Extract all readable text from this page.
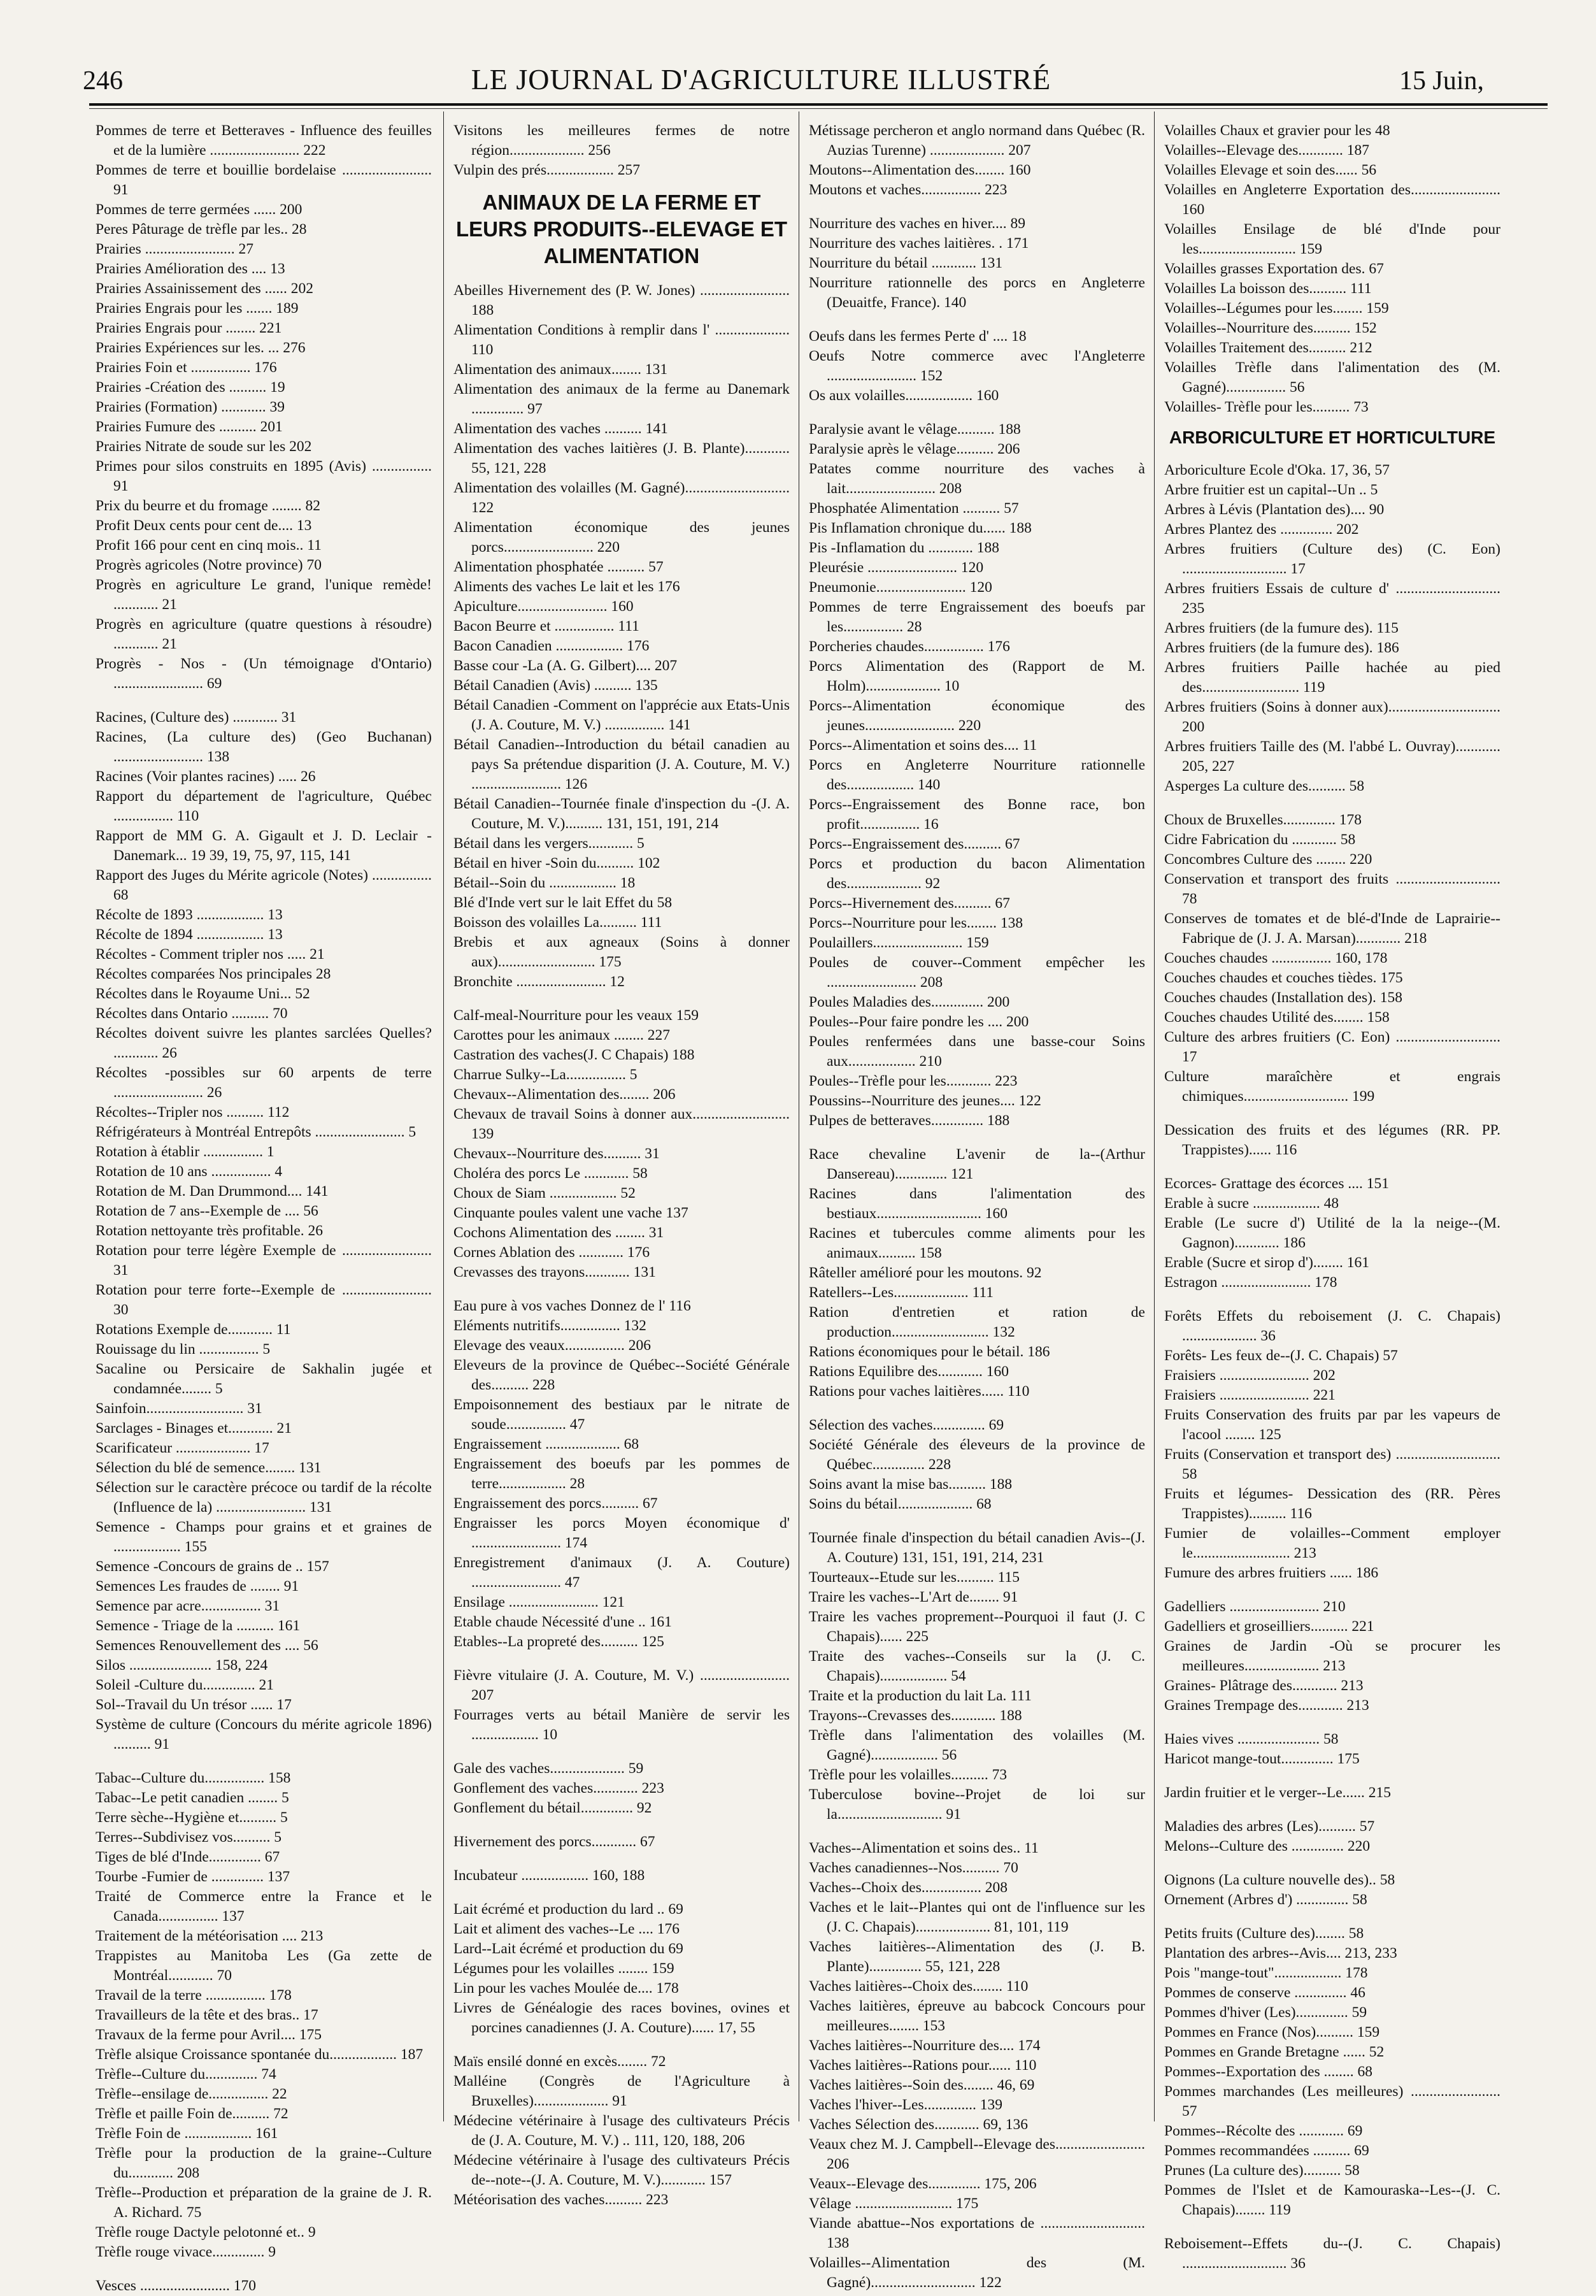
246	LE JOURNAL D'AGRICULTURE ILLUSTRÉ	15 Juin,
Pommes de terre et Betteraves - Influence des feuilles et de la lumière ........................ 222
Pommes de terre et bouillie bordelaise ........................ 91
Pommes de terre germées ...... 200
Peres Pâturage de trèfle par les.. 28
Prairies ........................ 27
Prairies Amélioration des .... 13
Prairies Assainissement des ...... 202
Prairies Engrais pour les ....... 189
Prairies Engrais pour ........ 221
Prairies Expériences sur les. ... 276
Prairies Foin et ................ 176
Prairies -Création des .......... 19
Prairies (Formation) ............ 39
Prairies Fumure des .......... 201
Prairies Nitrate de soude sur les 202
Primes pour silos construits en 1895 (Avis) ................ 91
Prix du beurre et du fromage ........ 82
Profit Deux cents pour cent de.... 13
Profit 166 pour cent en cinq mois.. 11
Progrès agricoles (Notre province) 70
Progrès en agriculture Le grand, l'unique remède! ............ 21
Progrès en agriculture (quatre questions à résoudre) ............ 21
Progrès - Nos - (Un témoignage d'Ontario) ........................ 69
Racines, (Culture des) ............ 31
Racines, (La culture des) (Geo Buchanan) ........................ 138
Racines (Voir plantes racines) ..... 26
Rapport du département de l'agriculture, Québec ................ 110
Rapport de MM G. A. Gigault et J. D. Leclair - Danemark... 19 39, 19, 75, 97, 115, 141
Rapport des Juges du Mérite agricole (Notes) ................ 68
Récolte de 1893 .................. 13
Récolte de 1894 .................. 13
Récoltes - Comment tripler nos ..... 21
Récoltes comparées Nos principales 28
Récoltes dans le Royaume Uni... 52
Récoltes dans Ontario .......... 70
Récoltes doivent suivre les plantes sarclées Quelles? ............ 26
Récoltes -possibles sur 60 arpents de terre ........................ 26
Récoltes--Tripler nos .......... 112
Réfrigérateurs à Montréal Entrepôts ........................ 5
Rotation à établir ................ 1
Rotation de 10 ans ................ 4
Rotation de M. Dan Drummond.... 141
Rotation de 7 ans--Exemple de .... 56
Rotation nettoyante très profitable. 26
Rotation pour terre légère Exemple de ........................ 31
Rotation pour terre forte--Exemple de ........................ 30
Rotations Exemple de............ 11
Rouissage du lin ................ 5
Sacaline ou Persicaire de Sakhalin jugée et condamnée........ 5
Sainfoin.......................... 31
Sarclages - Binages et............ 21
Scarificateur .................... 17
Sélection du blé de semence........ 131
Sélection sur le caractère précoce ou tardif de la récolte (Influence de la) ........................ 131
Semence - Champs pour grains et et graines de .................. 155
Semence -Concours de grains de .. 157
Semences Les fraudes de ........ 91
Semence par acre................ 31
Semence - Triage de la .......... 161
Semences Renouvellement des .... 56
Silos ...................... 158, 224
Soleil -Culture du.............. 21
Sol--Travail du Un trésor ...... 17
Système de culture (Concours du mérite agricole 1896) .......... 91
Tabac--Culture du................ 158
Tabac--Le petit canadien ........ 5
Terre sèche--Hygiène et.......... 5
Terres--Subdivisez vos.......... 5
Tiges de blé d'Inde.............. 67
Tourbe -Fumier de .............. 137
Traité de Commerce entre la France et le Canada................ 137
Traitement de la météorisation .... 213
Trappistes au Manitoba Les (Ga zette de Montréal............ 70
Travail de la terre ................ 178
Travailleurs de la tête et des bras.. 17
Travaux de la ferme pour Avril.... 175
Trèfle alsique Croissance spontanée du.................. 187
Trèfle--Culture du.............. 74
Trèfle--ensilage de................ 22
Trèfle et paille Foin de.......... 72
Trèfle Foin de .................. 161
Trèfle pour la production de la graine--Culture du............ 208
Trèfle--Production et préparation de la graine de J. R. A. Richard. 75
Trèfle rouge Dactyle pelotonné et.. 9
Trèfle rouge vivace.............. 9
Vesces ........................ 170
Visitons les meilleures fermes de notre région.................... 256
Vulpin des prés.................. 257
ANIMAUX DE LA FERME ET LEURS PRODUITS--ELEVAGE ET ALIMENTATION
Abeilles Hivernement des (P. W. Jones) ........................ 188
Alimentation Conditions à remplir dans l' .................... 110
Alimentation des animaux........ 131
Alimentation des animaux de la ferme au Danemark .............. 97
Alimentation des vaches .......... 141
Alimentation des vaches laitières (J. B. Plante)............ 55, 121, 228
Alimentation des volailles (M. Gagné)............................ 122
Alimentation économique des jeunes porcs........................ 220
Alimentation phosphatée .......... 57
Aliments des vaches Le lait et les 176
Apiculture........................ 160
Bacon Beurre et ................ 111
Bacon Canadien .................. 176
Basse cour -La (A. G. Gilbert).... 207
Bétail Canadien (Avis) .......... 135
Bétail Canadien -Comment on l'apprécie aux Etats-Unis (J. A. Couture, M. V.) ................ 141
Bétail Canadien--Introduction du bétail canadien au pays Sa prétendue disparition (J. A. Couture, M. V.) ........................ 126
Bétail Canadien--Tournée finale d'inspection du -(J. A. Couture, M. V.).......... 131, 151, 191, 214
Bétail dans les vergers............ 5
Bétail en hiver -Soin du.......... 102
Bétail--Soin du .................. 18
Blé d'Inde vert sur le lait Effet du 58
Boisson des volailles La.......... 111
Brebis et aux agneaux (Soins à donner aux).......................... 175
Bronchite ........................ 12
Calf-meal-Nourriture pour les veaux 159
Carottes pour les animaux ........ 227
Castration des vaches(J. C Chapais) 188
Charrue Sulky--La................ 5
Chevaux--Alimentation des........ 206
Chevaux de travail Soins à donner aux.......................... 139
Chevaux--Nourriture des.......... 31
Choléra des porcs Le ............ 58
Choux de Siam .................. 52
Cinquante poules valent une vache 137
Cochons Alimentation des ........ 31
Cornes Ablation des ............ 176
Crevasses des trayons............ 131
Eau pure à vos vaches Donnez de l' 116
Eléments nutritifs................ 132
Elevage des veaux................ 206
Eleveurs de la province de Québec--Société Générale des.......... 228
Empoisonnement des bestiaux par le nitrate de soude................ 47
Engraissement .................... 68
Engraissement des boeufs par les pommes de terre.................. 28
Engraissement des porcs.......... 67
Engraisser les porcs Moyen économique d' ........................ 174
Enregistrement d'animaux (J. A. Couture) ........................ 47
Ensilage ........................ 121
Etable chaude Nécessité d'une .. 161
Etables--La propreté des.......... 125
Fièvre vitulaire (J. A. Couture, M. V.) ........................ 207
Fourrages verts au bétail Manière de servir les .................. 10
Gale des vaches.................... 59
Gonflement des vaches............ 223
Gonflement du bétail.............. 92
Hivernement des porcs............ 67
Incubateur .................. 160, 188
Lait écrémé et production du lard .. 69
Lait et aliment des vaches--Le .... 176
Lard--Lait écrémé et production du 69
Légumes pour les volailles ........ 159
Lin pour les vaches Moulée de.... 178
Livres de Généalogie des races bovines, ovines et porcines canadiennes (J. A. Couture)...... 17, 55
Maïs ensilé donné en excès........ 72
Malléine (Congrès de l'Agriculture à Bruxelles).................... 91
Médecine vétérinaire à l'usage des cultivateurs Précis de (J. A. Couture, M. V.) .. 111, 120, 188, 206
Médecine vétérinaire à l'usage des cultivateurs Précis de--note--(J. A. Couture, M. V.)............ 157
Météorisation des vaches.......... 223
Métissage percheron et anglo normand dans Québec (R. Auzias Turenne) .................... 207
Moutons--Alimentation des........ 160
Moutons et vaches................ 223
Nourriture des vaches en hiver.... 89
Nourriture des vaches laitières. . 171
Nourriture du bétail ............ 131
Nourriture rationnelle des porcs en Angleterre (Deuaitfe, France). 140
Oeufs dans les fermes Perte d' .... 18
Oeufs Notre commerce avec l'Angleterre ........................ 152
Os aux volailles.................. 160
Paralysie avant le vêlage.......... 188
Paralysie après le vêlage.......... 206
Patates comme nourriture des vaches à lait........................ 208
Phosphatée Alimentation .......... 57
Pis Inflamation chronique du...... 188
Pis -Inflamation du ............ 188
Pleurésie ........................ 120
Pneumonie........................ 120
Pommes de terre Engraissement des boeufs par les................ 28
Porcheries chaudes................ 176
Porcs Alimentation des (Rapport de M. Holm).................... 10
Porcs--Alimentation économique des jeunes........................ 220
Porcs--Alimentation et soins des.... 11
Porcs en Angleterre Nourriture rationnelle des.................. 140
Porcs--Engraissement des Bonne race, bon profit................ 16
Porcs--Engraissement des.......... 67
Porcs et production du bacon Alimentation des.................... 92
Porcs--Hivernement des.......... 67
Porcs--Nourriture pour les........ 138
Poulaillers........................ 159
Poules de couver--Comment empêcher les ........................ 208
Poules Maladies des.............. 200
Poules--Pour faire pondre les .... 200
Poules renfermées dans une basse-cour Soins aux.................. 210
Poules--Trèfle pour les............ 223
Poussins--Nourriture des jeunes.... 122
Pulpes de betteraves.............. 188
Race chevaline L'avenir de la--(Arthur Dansereau).............. 121
Racines dans l'alimentation des bestiaux............................ 160
Racines et tubercules comme aliments pour les animaux.......... 158
Râteller amélioré pour les moutons. 92
Ratellers--Les.................... 111
Ration d'entretien et ration de production.......................... 132
Rations économiques pour le bétail. 186
Rations Equilibre des............ 160
Rations pour vaches laitières...... 110
Sélection des vaches.............. 69
Société Générale des éleveurs de la province de Québec.............. 228
Soins avant la mise bas.......... 188
Soins du bétail.................... 68
Tournée finale d'inspection du bétail canadien Avis--(J. A. Couture) 131, 151, 191, 214, 231
Tourteaux--Etude sur les.......... 115
Traire les vaches--L'Art de........ 91
Traire les vaches proprement--Pourquoi il faut (J. C Chapais)...... 225
Traite des vaches--Conseils sur la (J. C. Chapais).................. 54
Traite et la production du lait La. 111
Trayons--Crevasses des............ 188
Trèfle dans l'alimentation des volailles (M. Gagné).................. 56
Trèfle pour les volailles.......... 73
Tuberculose bovine--Projet de loi sur la............................ 91
Vaches--Alimentation et soins des.. 11
Vaches canadiennes--Nos.......... 70
Vaches--Choix des................ 208
Vaches et le lait--Plantes qui ont de l'influence sur les (J. C. Chapais).................... 81, 101, 119
Vaches laitières--Alimentation des (J. B. Plante).............. 55, 121, 228
Vaches laitières--Choix des........ 110
Vaches laitières, épreuve au babcock Concours pour meilleures........ 153
Vaches laitières--Nourriture des.... 174
Vaches laitières--Rations pour...... 110
Vaches laitières--Soin des........ 46, 69
Vaches l'hiver--Les.............. 139
Vaches Sélection des............ 69, 136
Veaux chez M. J. Campbell--Elevage des........................ 206
Veaux--Elevage des.............. 175, 206
Vêlage .......................... 175
Viande abattue--Nos exportations de ............................ 138
Volailles--Alimentation des (M. Gagné)............................ 122
Volailles Chaux et gravier pour les 48
Volailles--Elevage des............ 187
Volailles Elevage et soin des...... 56
Volailles en Angleterre Exportation des........................ 160
Volailles Ensilage de blé d'Inde pour les.......................... 159
Volailles grasses Exportation des. 67
Volailles La boisson des.......... 111
Volailles--Légumes pour les........ 159
Volailles--Nourriture des.......... 152
Volailles Traitement des.......... 212
Volailles Trèfle dans l'alimentation des (M. Gagné)................ 56
Volailles- Trèfle pour les.......... 73
ARBORICULTURE ET HORTICULTURE
Arboriculture Ecole d'Oka. 17, 36, 57
Arbre fruitier est un capital--Un .. 5
Arbres à Lévis (Plantation des).... 90
Arbres Plantez des .............. 202
Arbres fruitiers (Culture des) (C. Eon) ............................ 17
Arbres fruitiers Essais de culture d' ............................ 235
Arbres fruitiers (de la fumure des). 115
Arbres fruitiers (de la fumure des). 186
Arbres fruitiers Paille hachée au pied des.......................... 119
Arbres fruitiers (Soins à donner aux).............................. 200
Arbres fruitiers Taille des (M. l'abbé L. Ouvray)............ 205, 227
Asperges La culture des.......... 58
Choux de Bruxelles.............. 178
Cidre Fabrication du ............ 58
Concombres Culture des ........ 220
Conservation et transport des fruits ............................ 78
Conserves de tomates et de blé-d'Inde de Laprairie--Fabrique de (J. J. A. Marsan)............ 218
Couches chaudes ................ 160, 178
Couches chaudes et couches tièdes. 175
Couches chaudes (Installation des). 158
Couches chaudes Utilité des........ 158
Culture des arbres fruitiers (C. Eon) ............................ 17
Culture maraîchère et engrais chimiques............................ 199
Dessication des fruits et des légumes (RR. PP. Trappistes)...... 116
Ecorces- Grattage des écorces .... 151
Erable à sucre .................. 48
Erable (Le sucre d') Utilité de la la neige--(M. Gagnon)............ 186
Erable (Sucre et sirop d')........ 161
Estragon ........................ 178
Forêts Effets du reboisement (J. C. Chapais) .................... 36
Forêts- Les feux de--(J. C. Chapais) 57
Fraisiers ........................ 202
Fraisiers ........................ 221
Fruits Conservation des fruits par par les vapeurs de l'acool ........ 125
Fruits (Conservation et transport des) ............................ 58
Fruits et légumes- Dessication des (RR. Pères Trappistes).......... 116
Fumier de volailles--Comment employer le.......................... 213
Fumure des arbres fruitiers ...... 186
Gadelliers ........................ 210
Gadelliers et groseilliers.......... 221
Graines de Jardin -Où se procurer les meilleures.................... 213
Graines- Plâtrage des............ 213
Graines Trempage des............ 213
Haies vives ...................... 58
Haricot mange-tout.............. 175
Jardin fruitier et le verger--Le...... 215
Maladies des arbres (Les).......... 57
Melons--Culture des .............. 220
Oignons (La culture nouvelle des).. 58
Ornement (Arbres d') .............. 58
Petits fruits (Culture des)........ 58
Plantation des arbres--Avis.... 213, 233
Pois "mange-tout".................. 178
Pommes de conserve .............. 46
Pommes d'hiver (Les).............. 59
Pommes en France (Nos).......... 159
Pommes en Grande Bretagne ...... 52
Pommes--Exportation des ........ 68
Pommes marchandes (Les meilleures) ........................ 57
Pommes--Récolte des ............ 69
Pommes recommandées .......... 69
Prunes (La culture des).......... 58
Pommes de l'Islet et de Kamouraska--Les--(J. C. Chapais)........ 119
Reboisement--Effets du--(J. C. Chapais) ............................ 36
